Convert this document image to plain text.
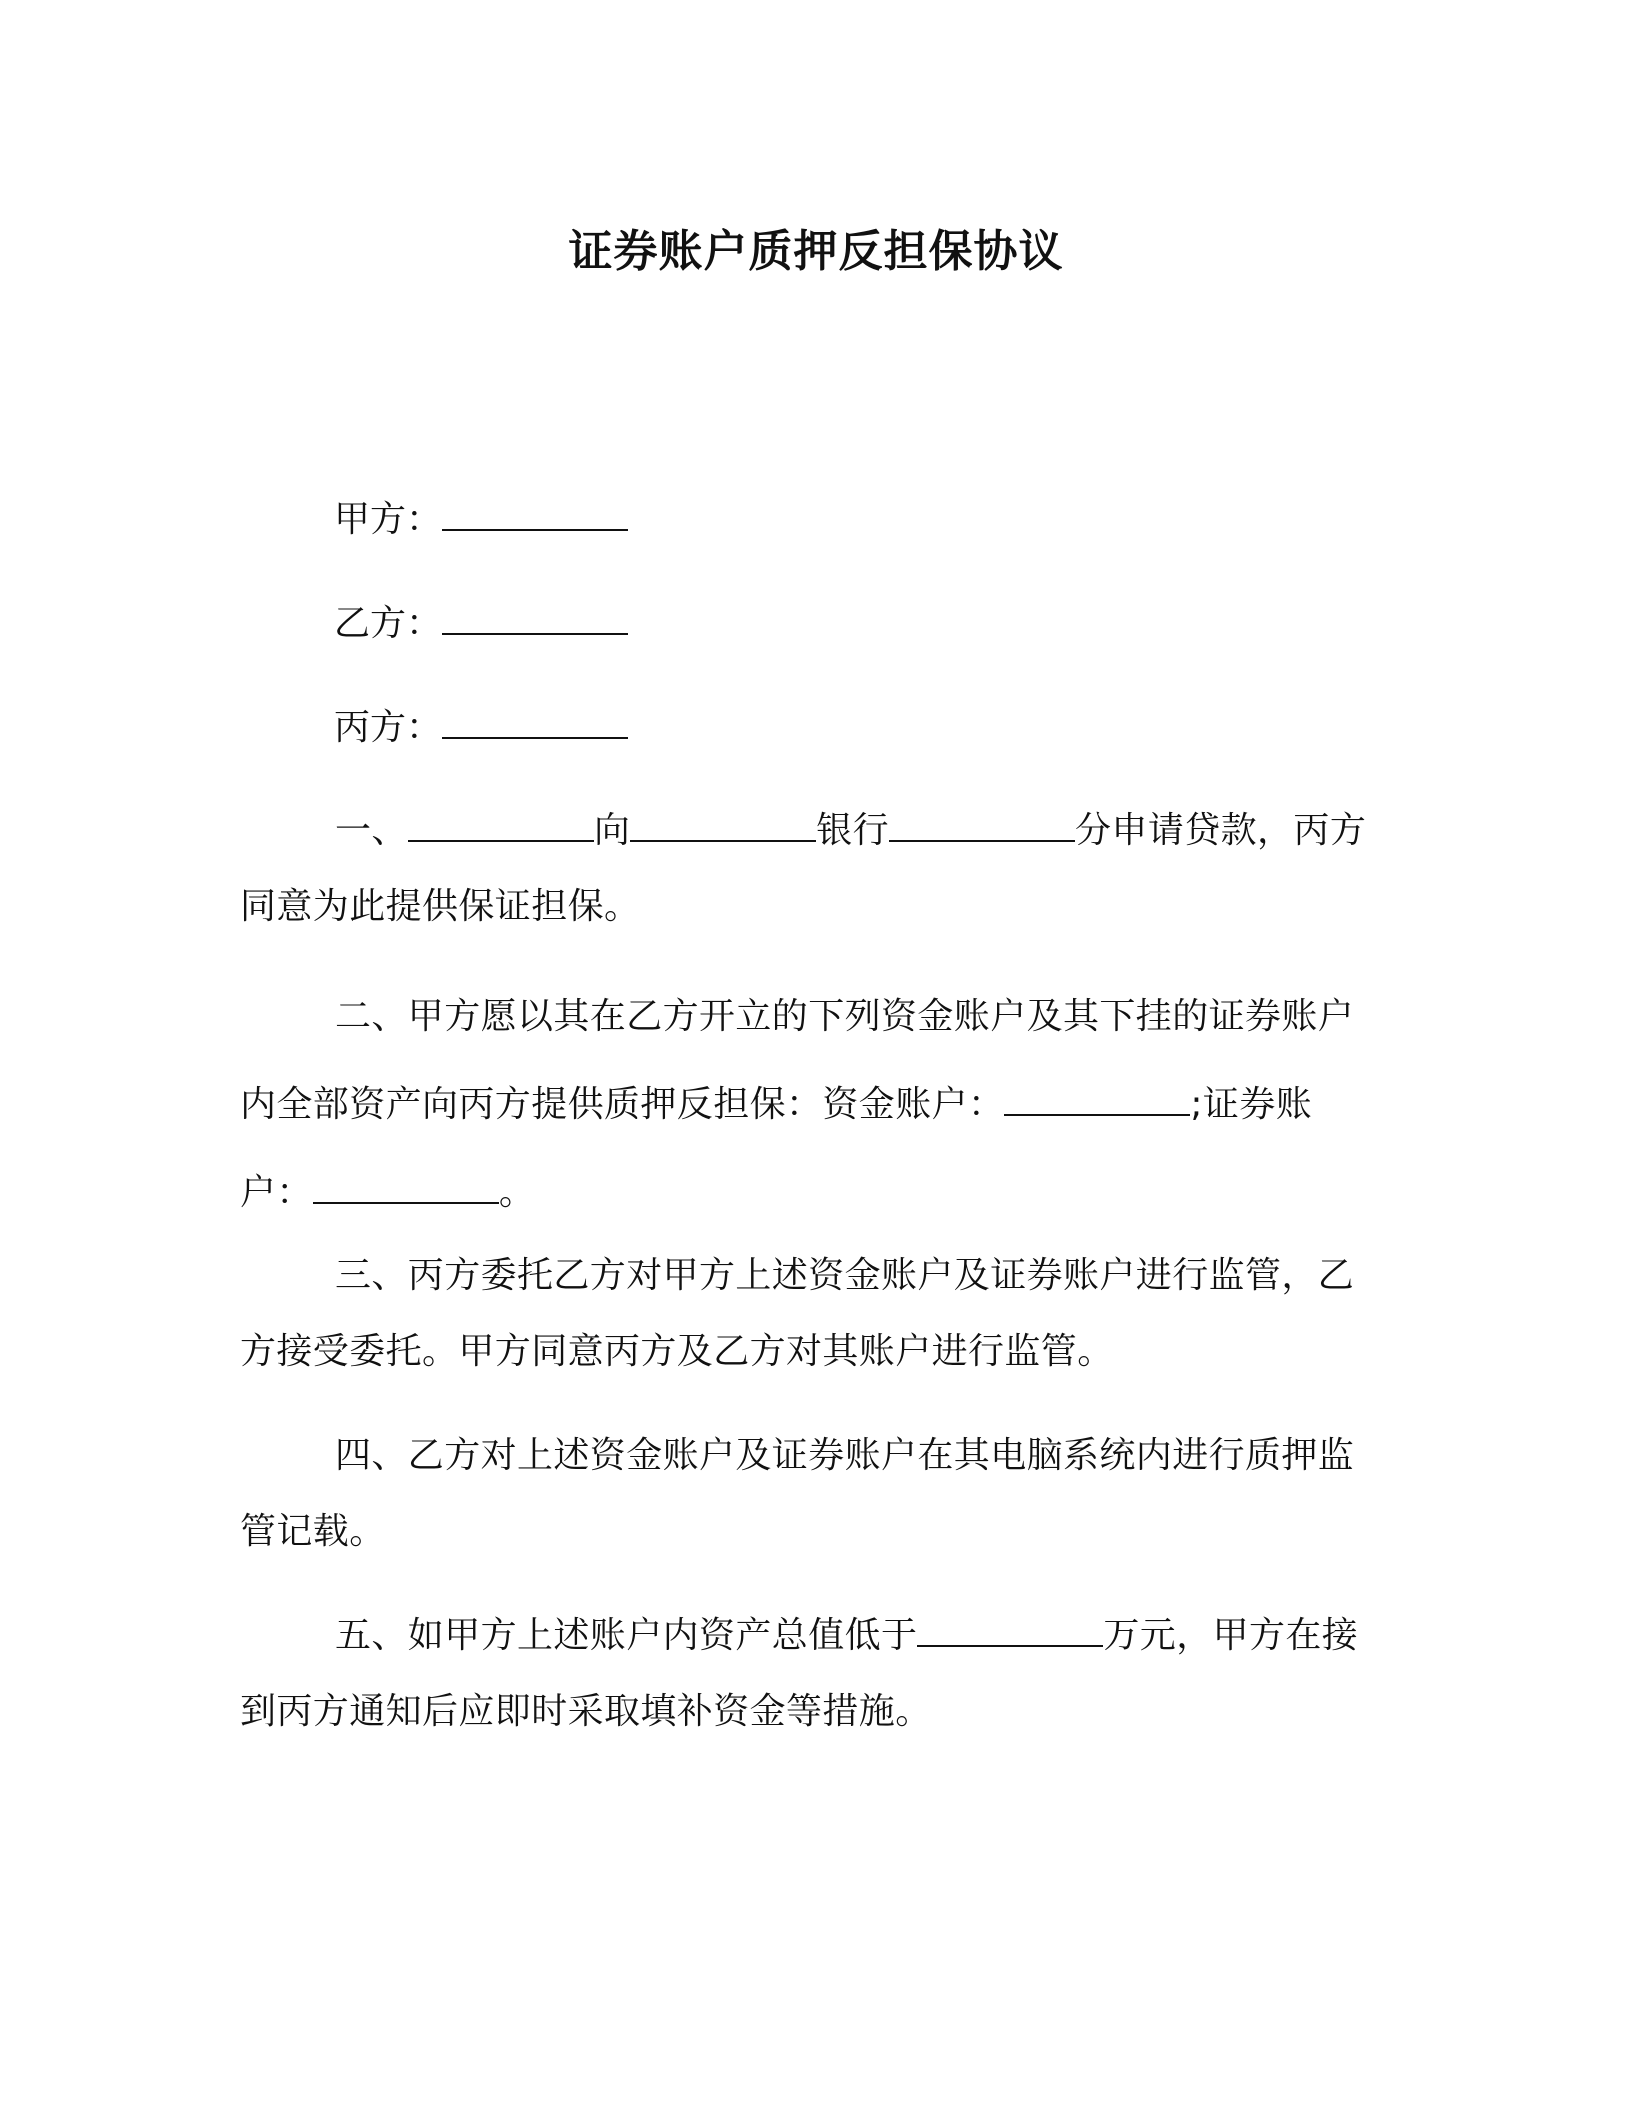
证券账户质押反担保协议
甲方：
乙方：
丙方：
一、	向	银行	分申请贷款，丙方同意为此提供保证担保。
二、甲方愿以其在乙方开立的下列资金账户及其下挂的证券账户内全部资产向丙方提供质押反担保：资金账户：	;证券账户：	。
三、丙方委托乙方对甲方上述资金账户及证券账户进行监管，乙方接受委托。甲方同意丙方及乙方对其账户进行监管。
四、乙方对上述资金账户及证券账户在其电脑系统内进行质押监管记载。
五、如甲方上述账户内资产总值低于	万元，甲方在接到丙方通知后应即时采取填补资金等措施。
